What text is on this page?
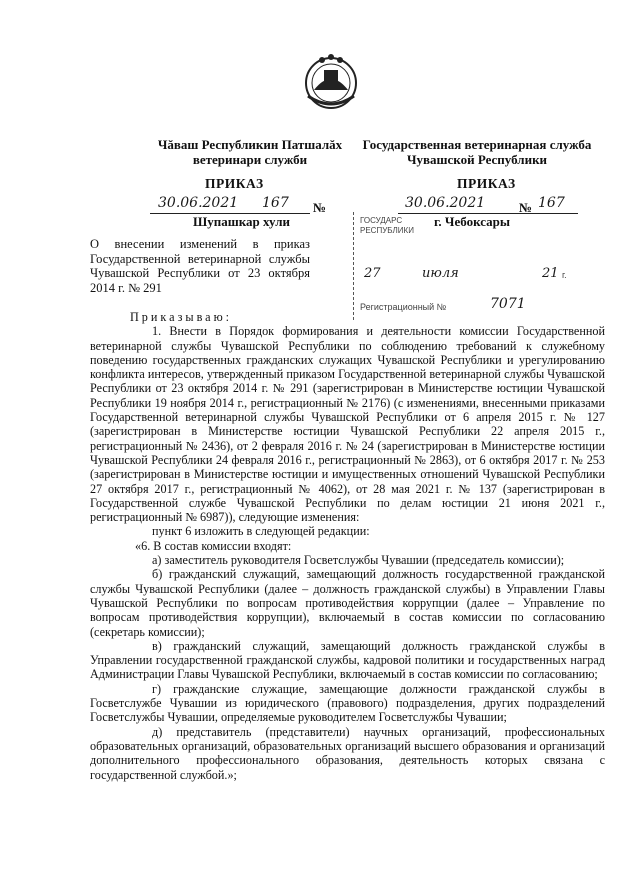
Чăваш Республикин Патшалăх ветеринари служби
Государственная ветеринарная служба Чувашской Республики
ПРИКАЗ
30.06.2021 167 №
Шупашкар хули
ПРИКАЗ
30.06.2021	№ 167
г. Чебоксары
ГОСУДАРС
РЕСПУБЛИКИ
27	июля	21 г.
Регистрационный №	7071
О внесении изменений в приказ Государственной ветеринарной службы Чувашской Республики от 23 октября 2014 г. № 291

Приказываю:

1. Внести в Порядок формирования и деятельности комиссии Государственной ветеринарной службы Чувашской Республики по соблюдению требований к служебному поведению государственных гражданских служащих Чувашской Республики и урегулированию конфликта интересов, утвержденный приказом Государственной ветеринарной службы Чувашской Республики от 23 октября 2014 г. № 291 (зарегистрирован в Министерстве юстиции Чувашской Республики 19 ноября 2014 г., регистрационный № 2176) (с изменениями, внесенными приказами Государственной ветеринарной службы Чувашской Республики от 6 апреля 2015 г. № 127 (зарегистрирован в Министерстве юстиции Чувашской Республики 22 апреля 2015 г., регистрационный № 2436), от 2 февраля 2016 г. № 24 (зарегистрирован в Министерстве юстиции Чувашской Республики 24 февраля 2016 г., регистрационный № 2863), от 6 октября 2017 г. № 253 (зарегистрирован в Министерстве юстиции и имущественных отношений Чувашской Республики 27 октября 2017 г., регистрационный № 4062), от 28 мая 2021 г. № 137 (зарегистрирован в Государственной службе Чувашской Республики по делам юстиции 21 июня 2021 г., регистрационный № 6987)), следующие изменения:

пункт 6 изложить в следующей редакции:

«6. В состав комиссии входят:

а) заместитель руководителя Госветслужбы Чувашии (председатель комиссии);

б) гражданский служащий, замещающий должность государственной гражданской службы Чувашской Республики (далее – должность гражданской службы) в Управлении Главы Чувашской Республики по вопросам противодействия коррупции (далее – Управление по вопросам противодействия коррупции), включаемый в состав комиссии по согласованию (секретарь комиссии);

в) гражданский служащий, замещающий должность гражданской службы в Управлении государственной гражданской службы, кадровой политики и государственных наград Администрации Главы Чувашской Республики, включаемый в состав комиссии по согласованию;

г) гражданские служащие, замещающие должности гражданской службы в Госветслужбе Чувашии из юридического (правового) подразделения, других подразделений Госветслужбы Чувашии, определяемые руководителем Госветслужбы Чувашии;

д) представитель (представители) научных организаций, профессиональных образовательных организаций, образовательных организаций высшего образования и организаций дополнительного профессионального образования, деятельность которых связана с государственной службой.»;
